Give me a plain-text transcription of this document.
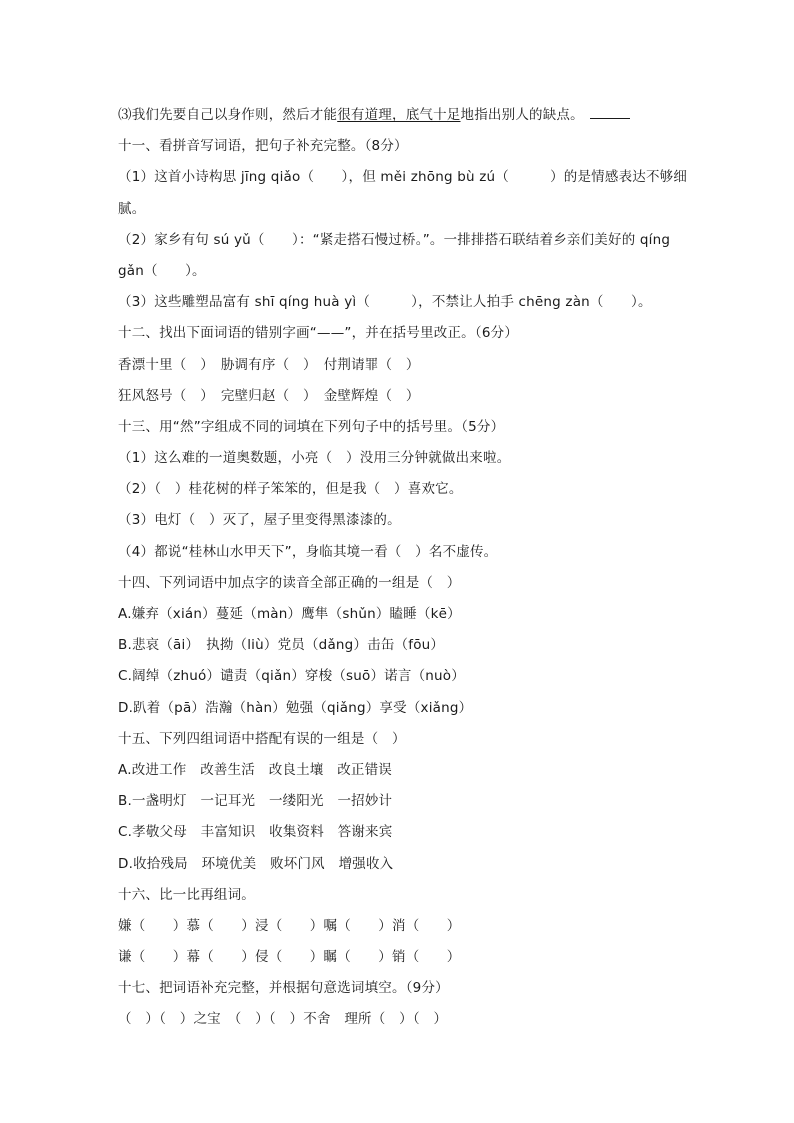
⑶我们先要自己以身作则，然后才能很有道理，底气十足地指出别人的缺点。
十一、看拼音写词语，把句子补充完整。（8分）
（1）这首小诗构思 jīng qiǎo（　　），但 měi zhōng bù zú（　　　）的是情感表达不够细
腻。
（2）家乡有句 sú yǔ（　　）：“紧走搭石慢过桥。”。一排排搭石联结着乡亲们美好的 qíng
gǎn（　　）。
（3）这些雕塑品富有 shī qíng huà yì（　　　），不禁让人拍手 chēng zàn（　　）。
十二、找出下面词语的错别字画“——”，并在括号里改正。（6分）
香漂十里（　）　胁调有序（　）　付荆请罪（　）
狂风怒号（　）　完壁归赵（　）　金壁辉煌（　）
十三、用“然”字组成不同的词填在下列句子中的括号里。（5分）
（1）这么难的一道奥数题，小亮（　）没用三分钟就做出来啦。
（2）（　）桂花树的样子笨笨的，但是我（　）喜欢它。
（3）电灯（　）灭了，屋子里变得黑漆漆的。
（4）都说“桂林山水甲天下”，身临其境一看（　）名不虚传。
十四、下列词语中加点字的读音全部正确的一组是（　）
A.嫌弃（xián）蔓延（màn）鹰隼（shǔn）瞌睡（kē）
B.悲哀（āi）　执拗（liù）党员（dǎng）击缶（fōu）
C.阔绰（zhuó）谴责（qiǎn）穿梭（suō）诺言（nuò）
D.趴着（pā）浩瀚（hàn）勉强（qiǎng）享受（xiǎng）
十五、下列四组词语中搭配有误的一组是（　）
A.改进工作　改善生活　改良土壤　改正错误
B.一盏明灯　一记耳光　一缕阳光　一招妙计
C.孝敬父母　丰富知识　收集资料　答谢来宾
D.收拾残局　环境优美　败坏门风　增强收入
十六、比一比再组词。
嫌（　　）慕（　　）浸（　　）嘱（　　）消（　　）
谦（　　）幕（　　）侵（　　）瞩（　　）销（　　）
十七、把词语补充完整，并根据句意选词填空。（9分）
（　）（　）之宝　（　）（　）不舍　理所（　）（　）
